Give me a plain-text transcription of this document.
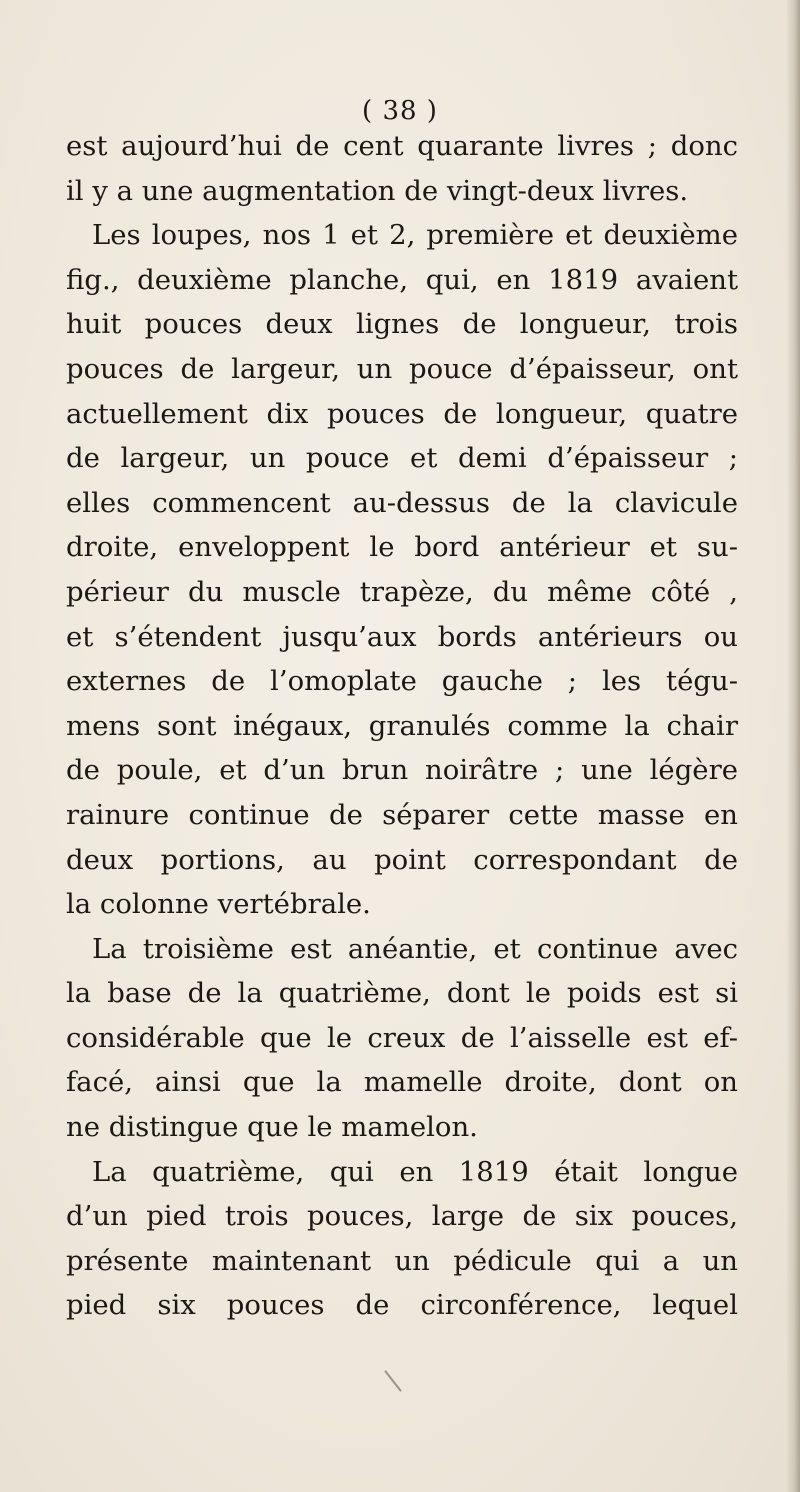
( 38 )
est aujourd’hui de cent quarante livres ; donc
il y a une augmentation de vingt-deux livres.
Les loupes, nos 1 et 2, première et deuxième
fig., deuxième planche, qui, en 1819 avaient
huit pouces deux lignes de longueur, trois
pouces de largeur, un pouce d’épaisseur, ont
actuellement dix pouces de longueur, quatre
de largeur, un pouce et demi d’épaisseur ;
elles commencent au-dessus de la clavicule
droite, enveloppent le bord antérieur et su-
périeur du muscle trapèze, du même côté ,
et s’étendent jusqu’aux bords antérieurs ou
externes de l’omoplate gauche ; les tégu-
mens sont inégaux, granulés comme la chair
de poule, et d’un brun noirâtre ; une légère
rainure continue de séparer cette masse en
deux portions, au point correspondant de
la colonne vertébrale.
La troisième est anéantie, et continue avec
la base de la quatrième, dont le poids est si
considérable que le creux de l’aisselle est ef-
facé, ainsi que la mamelle droite, dont on
ne distingue que le mamelon.
La quatrième, qui en 1819 était longue
d’un pied trois pouces, large de six pouces,
présente maintenant un pédicule qui a un
pied six pouces de circonférence, lequel
